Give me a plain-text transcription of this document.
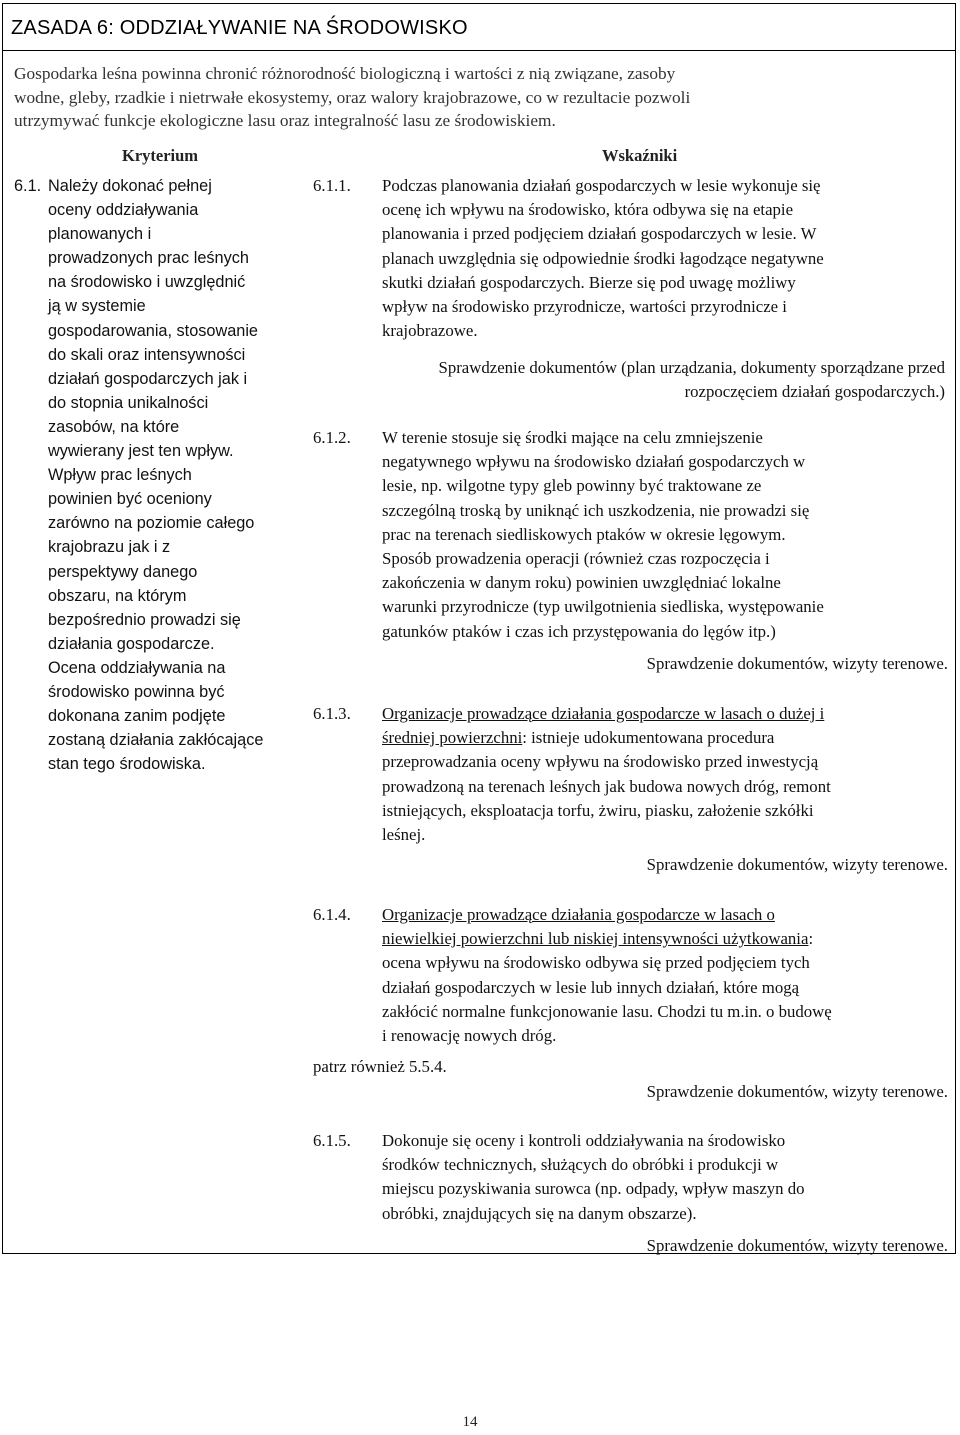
ZASADA 6: ODDZIAŁYWANIE NA ŚRODOWISKO
Gospodarka leśna powinna chronić różnorodność biologiczną i wartości z nią związane, zasoby
wodne, gleby, rzadkie i nietrwałe ekosystemy, oraz walory krajobrazowe, co w rezultacie pozwoli
utrzymywać funkcje ekologiczne lasu oraz integralność lasu ze środowiskiem.
Kryterium	Wskaźniki
6.1. Należy dokonać pełnej
oceny oddziaływania
planowanych i
prowadzonych prac leśnych
na środowisko i uwzględnić
ją w systemie
gospodarowania, stosowanie
do skali oraz intensywności
działań gospodarczych jak i
do stopnia unikalności
zasobów, na które
wywierany jest ten wpływ.
Wpływ prac leśnych
powinien być oceniony
zarówno na poziomie całego
krajobrazu jak i z
perspektywy danego
obszaru, na którym
bezpośrednio prowadzi się
działania gospodarcze.
Ocena oddziaływania na
środowisko powinna być
dokonana zanim podjęte
zostaną działania zakłócające
stan tego środowiska.
6.1.1. Podczas planowania działań gospodarczych w lesie wykonuje się
ocenę ich wpływu na środowisko, która odbywa się na etapie
planowania i przed podjęciem działań gospodarczych w lesie. W
planach uwzględnia się odpowiednie środki łagodzące negatywne
skutki działań gospodarczych. Bierze się pod uwagę możliwy
wpływ na środowisko przyrodnicze, wartości przyrodnicze i
krajobrazowe.
Sprawdzenie dokumentów (plan urządzania, dokumenty sporządzane przed
rozpoczęciem działań gospodarczych.)
6.1.2. W terenie stosuje się środki mające na celu zmniejszenie
negatywnego wpływu na środowisko działań gospodarczych w
lesie, np. wilgotne typy gleb powinny być traktowane ze
szczególną troską by uniknąć ich uszkodzenia, nie prowadzi się
prac na terenach siedliskowych ptaków w okresie lęgowym.
Sposób prowadzenia operacji (również czas rozpoczęcia i
zakończenia w danym roku) powinien uwzględniać lokalne
warunki przyrodnicze (typ uwilgotnienia siedliska, występowanie
gatunków ptaków i czas ich przystępowania do lęgów itp.)
Sprawdzenie dokumentów, wizyty terenowe.
6.1.3. Organizacje prowadzące działania gospodarcze w lasach o dużej i
średniej powierzchni: istnieje udokumentowana procedura
przeprowadzania oceny wpływu na środowisko przed inwestycją
prowadzoną na terenach leśnych jak budowa nowych dróg, remont
istniejących, eksploatacja torfu, żwiru, piasku, założenie szkółki
leśnej.
Sprawdzenie dokumentów, wizyty terenowe.
6.1.4. Organizacje prowadzące działania gospodarcze w lasach o
niewielkiej powierzchni lub niskiej intensywności użytkowania:
ocena wpływu na środowisko odbywa się przed podjęciem tych
działań gospodarczych w lesie lub innych działań, które mogą
zakłócić normalne funkcjonowanie lasu. Chodzi tu m.in. o budowę
i renowację nowych dróg.
patrz również 5.5.4.
Sprawdzenie dokumentów, wizyty terenowe.
6.1.5. Dokonuje się oceny i kontroli oddziaływania na środowisko
środków technicznych, służących do obróbki i produkcji w
miejscu pozyskiwania surowca (np. odpady, wpływ maszyn do
obróbki, znajdujących się na danym obszarze).
Sprawdzenie dokumentów, wizyty terenowe.
14
